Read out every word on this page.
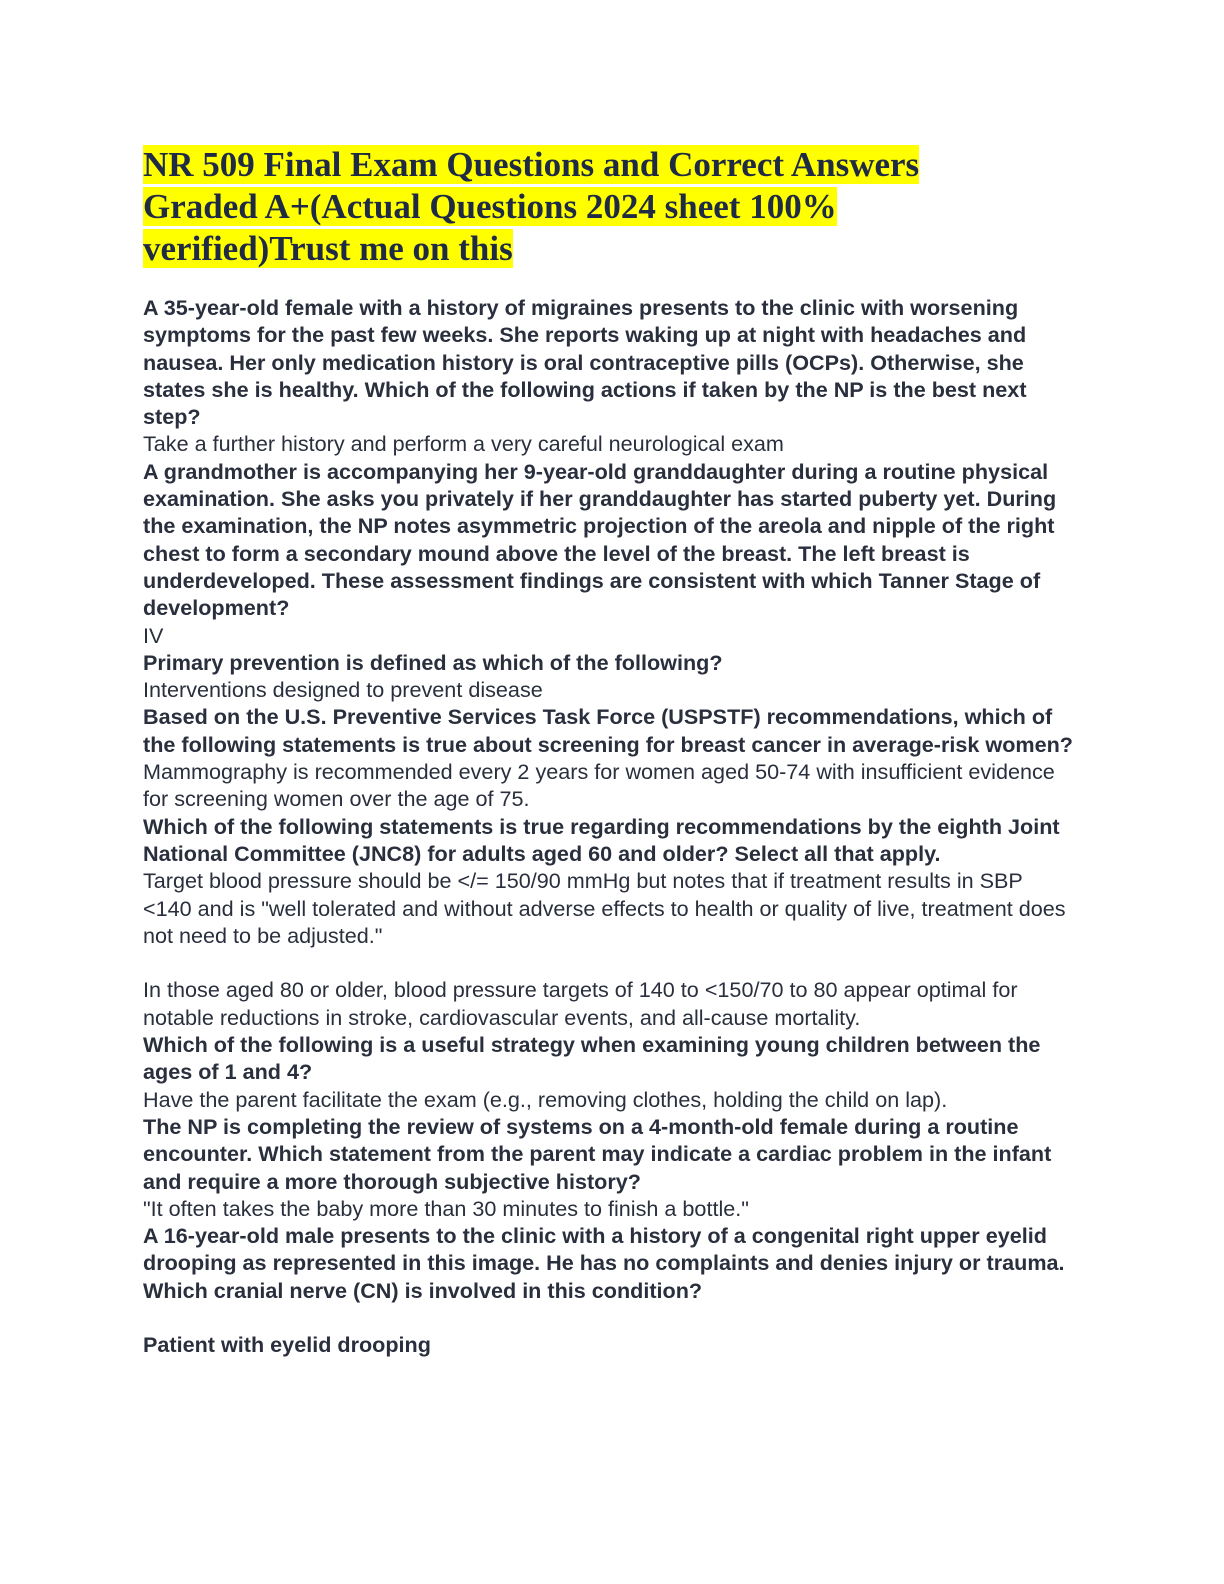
NR 509 Final Exam Questions and Correct Answers
Graded A+(Actual Questions 2024 sheet 100%
verified)Trust me on this

A 35-year-old female with a history of migraines presents to the clinic with worsening symptoms for the past few weeks. She reports waking up at night with headaches and nausea. Her only medication history is oral contraceptive pills (OCPs). Otherwise, she states she is healthy. Which of the following actions if taken by the NP is the best next step?

Take a further history and perform a very careful neurological exam

A grandmother is accompanying her 9-year-old granddaughter during a routine physical examination. She asks you privately if her granddaughter has started puberty yet. During the examination, the NP notes asymmetric projection of the areola and nipple of the right chest to form a secondary mound above the level of the breast. The left breast is underdeveloped. These assessment findings are consistent with which Tanner Stage of development?

IV

Primary prevention is defined as which of the following?

Interventions designed to prevent disease

Based on the U.S. Preventive Services Task Force (USPSTF) recommendations, which of the following statements is true about screening for breast cancer in average-risk women?

Mammography is recommended every 2 years for women aged 50-74 with insufficient evidence for screening women over the age of 75.

Which of the following statements is true regarding recommendations by the eighth Joint National Committee (JNC8) for adults aged 60 and older? Select all that apply.

Target blood pressure should be </= 150/90 mmHg but notes that if treatment results in SBP <140 and is "well tolerated and without adverse effects to health or quality of live, treatment does not need to be adjusted."

In those aged 80 or older, blood pressure targets of 140 to <150/70 to 80 appear optimal for notable reductions in stroke, cardiovascular events, and all-cause mortality.

Which of the following is a useful strategy when examining young children between the ages of 1 and 4?

Have the parent facilitate the exam (e.g., removing clothes, holding the child on lap).

The NP is completing the review of systems on a 4-month-old female during a routine encounter. Which statement from the parent may indicate a cardiac problem in the infant and require a more thorough subjective history?

"It often takes the baby more than 30 minutes to finish a bottle."

A 16-year-old male presents to the clinic with a history of a congenital right upper eyelid drooping as represented in this image. He has no complaints and denies injury or trauma. Which cranial nerve (CN) is involved in this condition?

Patient with eyelid drooping
